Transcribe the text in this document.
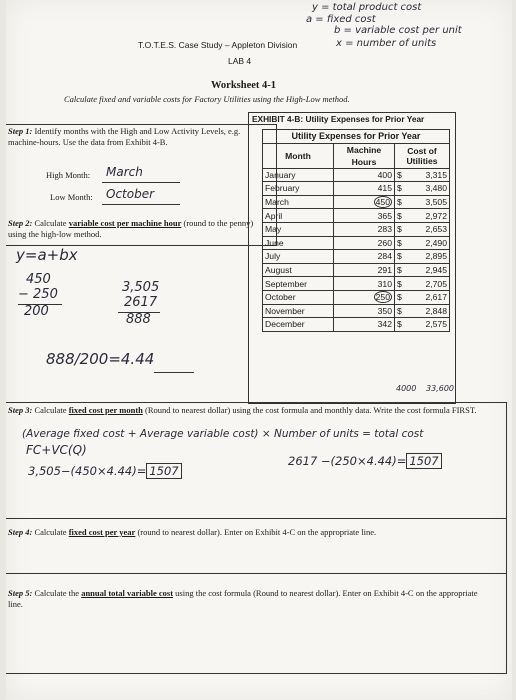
y = total product cost
a = fixed cost
b = variable cost per unit
x = number of units
T.O.T.E.S. Case Study – Appleton Division
LAB 4
Worksheet 4-1
Calculate fixed and variable costs for Factory Utilities using the High-Low method.
Step 1: Identify months with the High and Low Activity Levels, e.g. machine-hours. Use the data from Exhibit 4-B.
High Month: March
Low Month: October
Step 2: Calculate variable cost per machine hour (round to the penny) using the high-low method.
y=a+bx
450
− 250
200
3,505
2617
888
888/200=4.44
EXHIBIT 4-B: Utility Expenses for Prior Year
Utility Expenses for Prior Year			
Month	Machine Hours	Cost of Utilities	
January	400	$	3,315
February	415	$	3,480
March	450	$	3,505
April	365	$	2,972
May	283	$	2,653
June	260	$	2,490
July	284	$	2,895
August	291	$	2,945
September	310	$	2,705
October	250	$	2,617
November	350	$	2,848
December	342	$	2,575
4000 33,600
Step 3: Calculate fixed cost per month (Round to nearest dollar) using the cost formula and monthly data. Write the cost formula FIRST.
(Average fixed cost + Average variable cost) × Number of units = total cost
FC+VC(Q)
3,505−(450×4.44)= 1507
2617 −(250×4.44)= 1507
Step 4: Calculate fixed cost per year (round to nearest dollar). Enter on Exhibit 4-C on the appropriate line.
Step 5: Calculate the annual total variable cost using the cost formula (Round to nearest dollar). Enter on Exhibit 4-C on the appropriate line.
